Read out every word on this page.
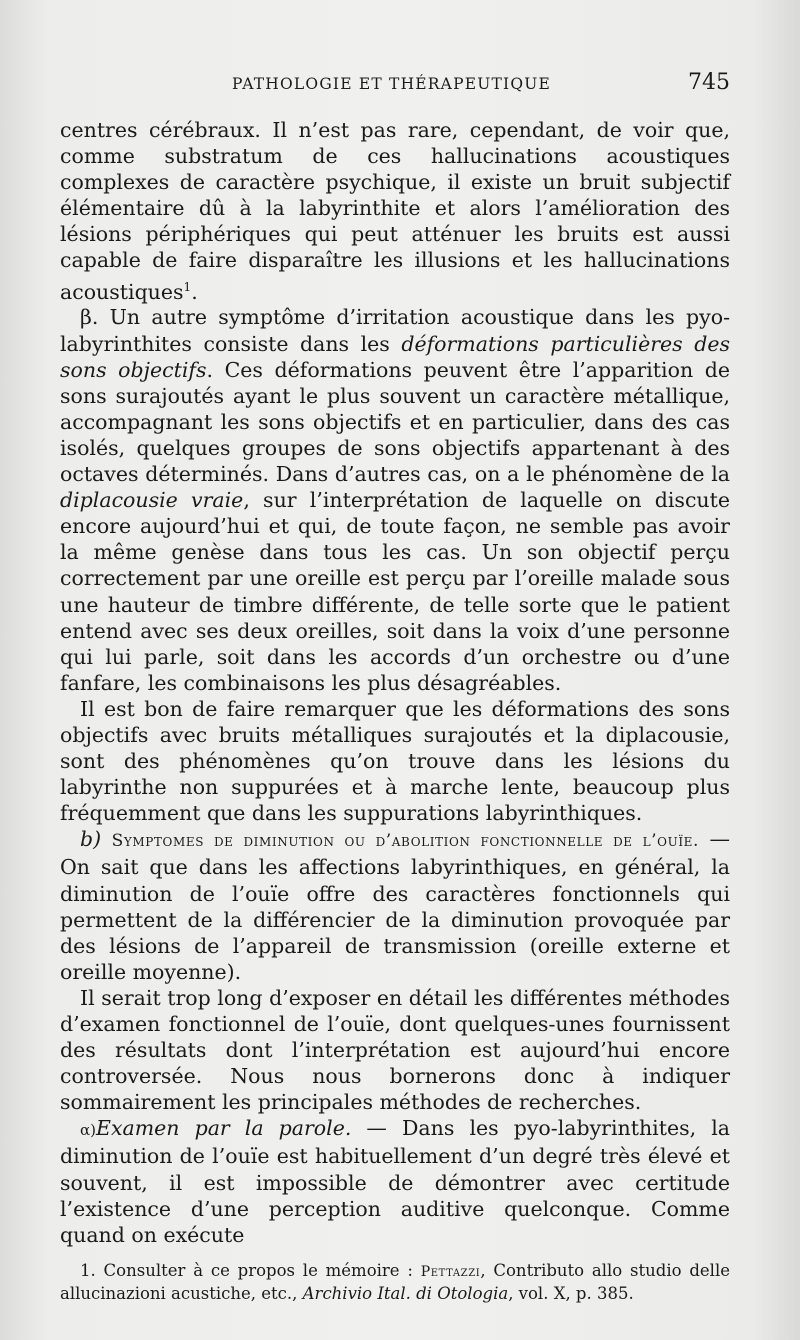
PATHOLOGIE ET THÉRAPEUTIQUE	745

centres cérébraux. Il n’est pas rare, cependant, de voir que, comme substratum de ces hallucinations acoustiques complexes de caractère psychique, il existe un bruit subjectif élémentaire dû à la labyrinthite et alors l’amélioration des lésions périphériques qui peut atténuer les bruits est aussi capable de faire disparaître les illusions et les hallucinations acoustiques$^1$.

β. Un autre symptôme d’irritation acoustique dans les pyo-labyrinthites consiste dans les déformations particulières des sons objectifs. Ces déformations peuvent être l’apparition de sons surajoutés ayant le plus souvent un caractère métallique, accompagnant les sons objectifs et en particulier, dans des cas isolés, quelques groupes de sons objectifs appartenant à des octaves déterminés. Dans d’autres cas, on a le phénomène de la diplacousie vraie, sur l’interprétation de laquelle on discute encore aujourd’hui et qui, de toute façon, ne semble pas avoir la même genèse dans tous les cas. Un son objectif perçu correctement par une oreille est perçu par l’oreille malade sous une hauteur de timbre différente, de telle sorte que le patient entend avec ses deux oreilles, soit dans la voix d’une personne qui lui parle, soit dans les accords d’un orchestre ou d’une fanfare, les combinaisons les plus désagréables.

Il est bon de faire remarquer que les déformations des sons objectifs avec bruits métalliques surajoutés et la diplacousie, sont des phénomènes qu’on trouve dans les lésions du labyrinthe non suppurées et à marche lente, beaucoup plus fréquemment que dans les suppurations labyrinthiques.

b) Symptomes de diminution ou d’abolition fonctionnelle de l’ouïe. — On sait que dans les affections labyrinthiques, en général, la diminution de l’ouïe offre des caractères fonctionnels qui permettent de la différencier de la diminution provoquée par des lésions de l’appareil de transmission (oreille externe et oreille moyenne).

Il serait trop long d’exposer en détail les différentes méthodes d’examen fonctionnel de l’ouïe, dont quelques-unes fournissent des résultats dont l’interprétation est aujourd’hui encore controversée. Nous nous bornerons donc à indiquer sommairement les principales méthodes de recherches.

α)Examen par la parole. — Dans les pyo-labyrinthites, la diminution de l’ouïe est habituellement d’un degré très élevé et souvent, il est impossible de démontrer avec certitude l’existence d’une perception auditive quelconque. Comme quand on exécute

1. Consulter à ce propos le mémoire : Pettazzi, Contributo allo studio delle allucinazioni acustiche, etc., Archivio Ital. di Otologia, vol. X, p. 385.
